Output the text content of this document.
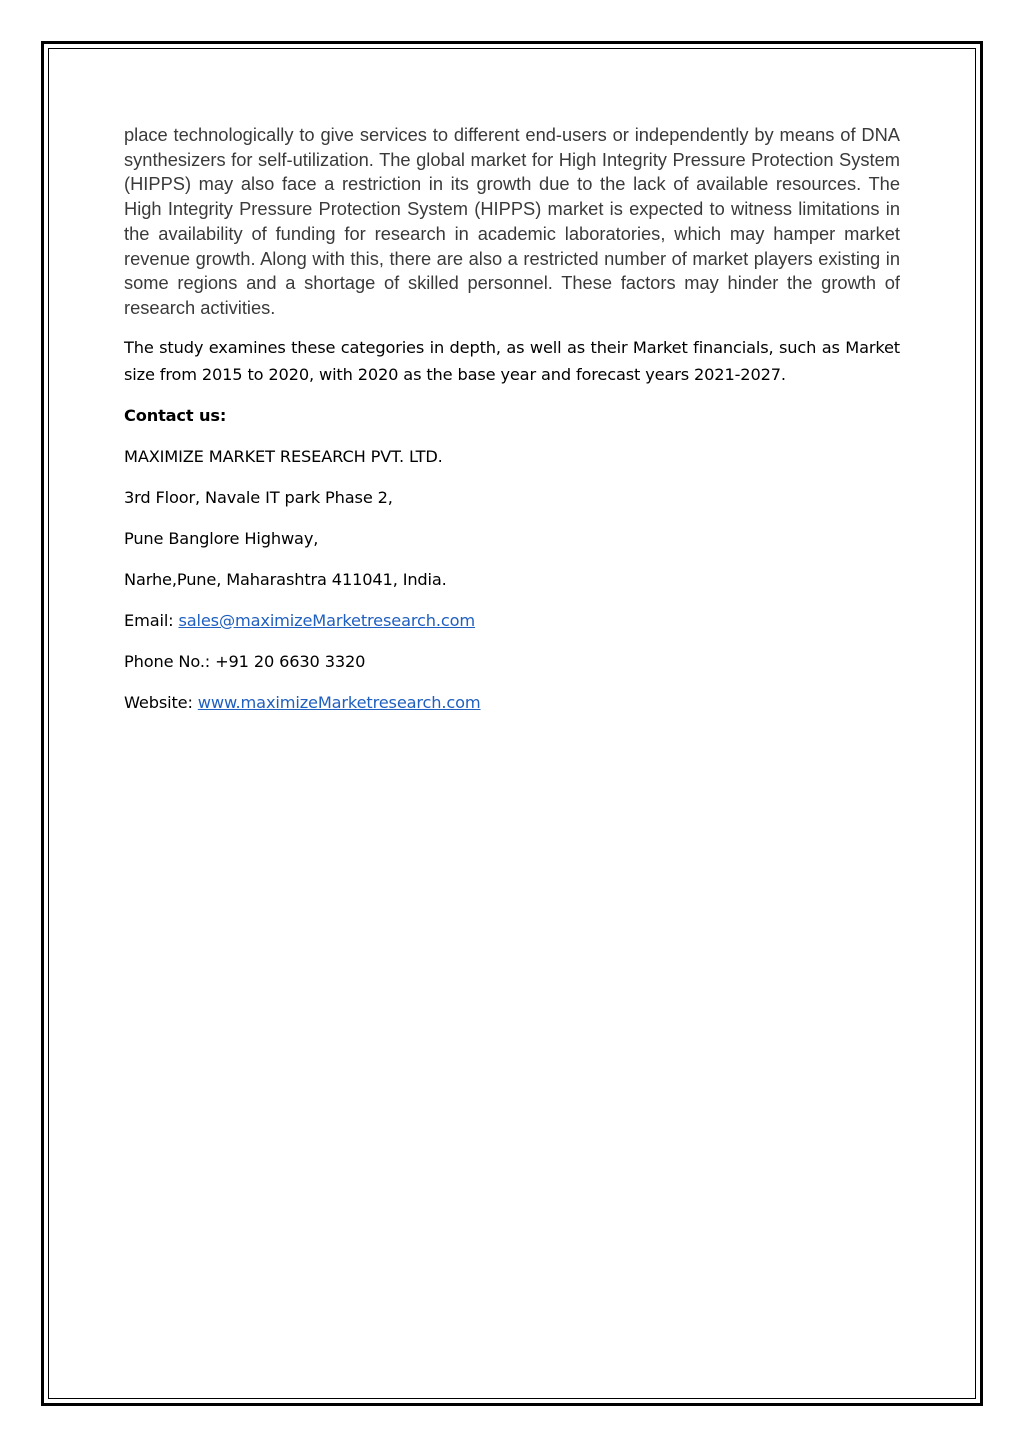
place technologically to give services to different end-users or independently by means of DNA synthesizers for self-utilization. The global market for High Integrity Pressure Protection System (HIPPS) may also face a restriction in its growth due to the lack of available resources. The High Integrity Pressure Protection System (HIPPS) market is expected to witness limitations in the availability of funding for research in academic laboratories, which may hamper market revenue growth. Along with this, there are also a restricted number of market players existing in some regions and a shortage of skilled personnel. These factors may hinder the growth of research activities.

The study examines these categories in depth, as well as their Market financials, such as Market size from 2015 to 2020, with 2020 as the base year and forecast years 2021-2027.

Contact us:

MAXIMIZE MARKET RESEARCH PVT. LTD.

3rd Floor, Navale IT park Phase 2,

Pune Banglore Highway,

Narhe,Pune, Maharashtra 411041, India.

Email: sales@maximizeMarketresearch.com

Phone No.: +91 20 6630 3320

Website: www.maximizeMarketresearch.com
